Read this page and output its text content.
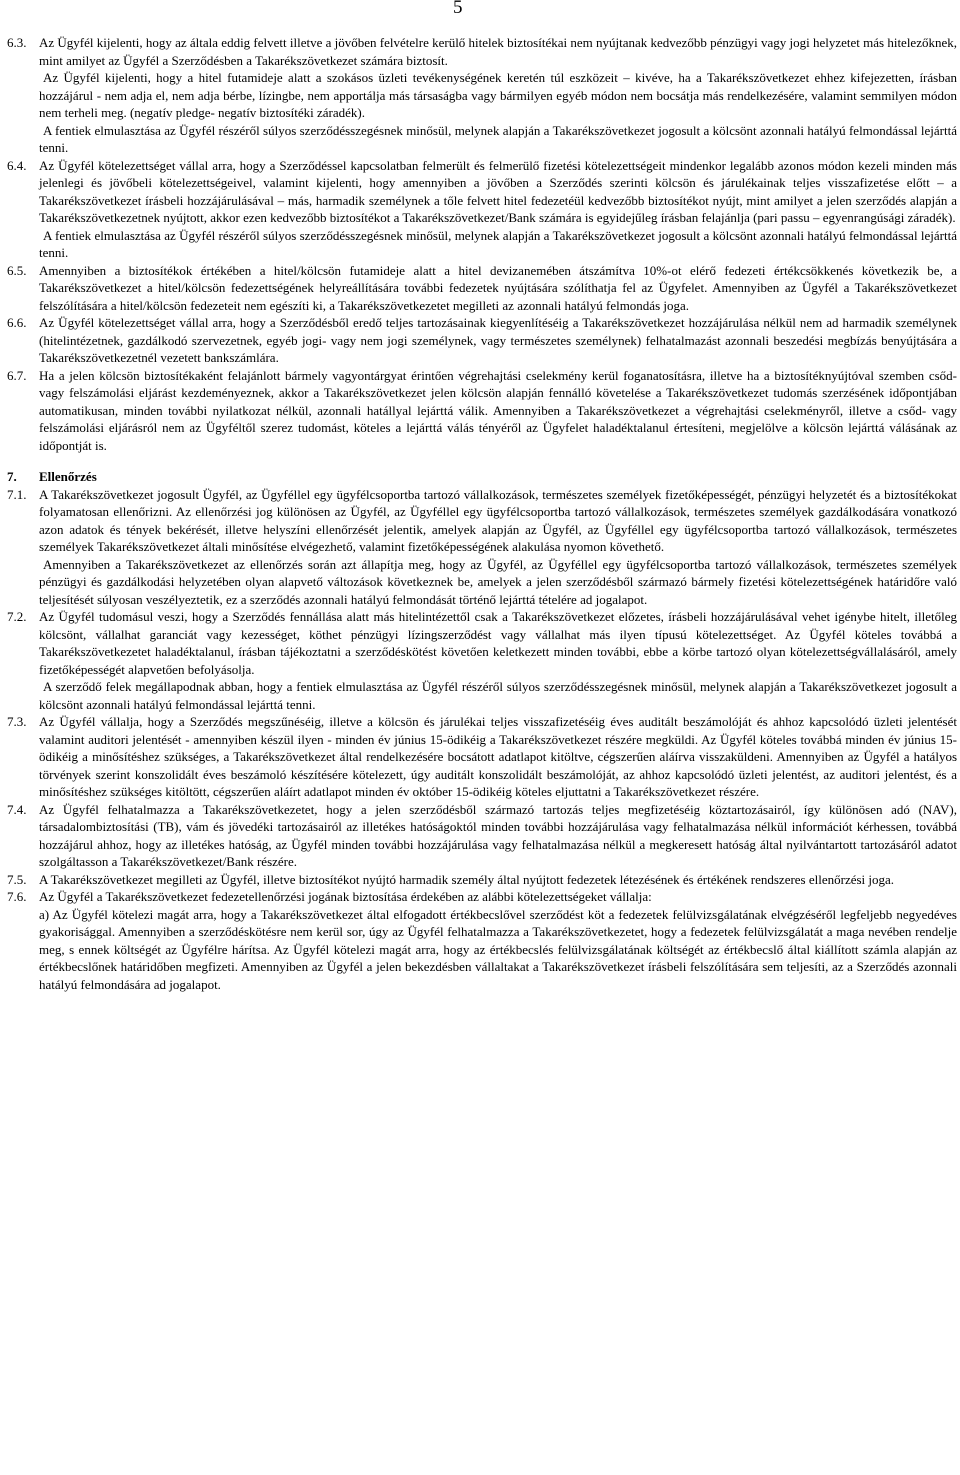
5
6.3. Az Ügyfél kijelenti, hogy az általa eddig felvett illetve a jövőben felvételre kerülő hitelek biztosítékai nem nyújtanak kedvezőbb pénzügyi vagy jogi helyzetet más hitelezőknek, mint amilyet az Ügyfél a Szerződésben a Takarékszövetkezet számára biztosít.

Az Ügyfél kijelenti, hogy a hitel futamideje alatt a szokásos üzleti tevékenységének keretén túl eszközeit – kivéve, ha a Takarékszövetkezet ehhez kifejezetten, írásban hozzájárul - nem adja el, nem adja bérbe, lízingbe, nem apportálja más társaságba vagy bármilyen egyéb módon nem bocsátja más rendelkezésére, valamint semmilyen módon nem terheli meg. (negatív pledge- negatív biztosítéki záradék).

A fentiek elmulasztása az Ügyfél részéről súlyos szerződésszegésnek minősül, melynek alapján a Takarékszövetkezet jogosult a kölcsönt azonnali hatályú felmondással lejárttá tenni.

6.4. Az Ügyfél kötelezettséget vállal arra, hogy a Szerződéssel kapcsolatban felmerült és felmerülő fizetési kötelezettségeit mindenkor legalább azonos módon kezeli minden más jelenlegi és jövőbeli kötelezettségeivel, valamint kijelenti, hogy amennyiben a jövőben a Szerződés szerinti kölcsön és járulékainak teljes visszafizetése előtt – a Takarékszövetkezet írásbeli hozzájárulásával – más, harmadik személynek a tőle felvett hitel fedezetéül kedvezőbb biztosítékot nyújt, mint amilyet a jelen szerződés alapján a Takarékszövetkezetnek nyújtott, akkor ezen kedvezőbb biztosítékot a Takarékszövetkezet/Bank számára is egyidejűleg írásban felajánlja (pari passu – egyenrangúsági záradék).

A fentiek elmulasztása az Ügyfél részéről súlyos szerződésszegésnek minősül, melynek alapján a Takarékszövetkezet jogosult a kölcsönt azonnali hatályú felmondással lejárttá tenni.

6.5. Amennyiben a biztosítékok értékében a hitel/kölcsön futamideje alatt a hitel devizanemében átszámítva 10%-ot elérő fedezeti értékcsökkenés következik be, a Takarékszövetkezet a hitel/kölcsön fedezettségének helyreállítására további fedezetek nyújtására szólíthatja fel az Ügyfelet. Amennyiben az Ügyfél a Takarékszövetkezet felszólítására a hitel/kölcsön fedezeteit nem egészíti ki, a Takarékszövetkezetet megilleti az azonnali hatályú felmondás joga.

6.6. Az Ügyfél kötelezettséget vállal arra, hogy a Szerződésből eredő teljes tartozásainak kiegyenlítéséig a Takarékszövetkezet hozzájárulása nélkül nem ad harmadik személynek (hitelintézetnek, gazdálkodó szervezetnek, egyéb jogi- vagy nem jogi személynek, vagy természetes személynek) felhatalmazást azonnali beszedési megbízás benyújtására a Takarékszövetkezetnél vezetett bankszámlára.

6.7. Ha a jelen kölcsön biztosítékaként felajánlott bármely vagyontárgyat érintően végrehajtási cselekmény kerül foganatosításra, illetve ha a biztosítéknyújtóval szemben csőd- vagy felszámolási eljárást kezdeményeznek, akkor a Takarékszövetkezet jelen kölcsön alapján fennálló követelése a Takarékszövetkezet tudomás szerzésének időpontjában automatikusan, minden további nyilatkozat nélkül, azonnali hatállyal lejárttá válik. Amennyiben a Takarékszövetkezet a végrehajtási cselekményről, illetve a csőd- vagy felszámolási eljárásról nem az Ügyféltől szerez tudomást, köteles a lejárttá válás tényéről az Ügyfelet haladéktalanul értesíteni, megjelölve a kölcsön lejárttá válásának az időpontját is.

7.	Ellenőrzés
7.1. A Takarékszövetkezet jogosult Ügyfél, az Ügyféllel egy ügyfélcsoportba tartozó vállalkozások, természetes személyek fizetőképességét, pénzügyi helyzetét és a biztosítékokat folyamatosan ellenőrizni. Az ellenőrzési jog különösen az Ügyfél, az Ügyféllel egy ügyfélcsoportba tartozó vállalkozások, természetes személyek gazdálkodására vonatkozó azon adatok és tények bekérését, illetve helyszíni ellenőrzését jelentik, amelyek alapján az Ügyfél, az Ügyféllel egy ügyfélcsoportba tartozó vállalkozások, természetes személyek Takarékszövetkezet általi minősítése elvégezhető, valamint fizetőképességének alakulása nyomon követhető.

Amennyiben a Takarékszövetkezet az ellenőrzés során azt állapítja meg, hogy az Ügyfél, az Ügyféllel egy ügyfélcsoportba tartozó vállalkozások, természetes személyek pénzügyi és gazdálkodási helyzetében olyan alapvető változások következnek be, amelyek a jelen szerződésből származó bármely fizetési kötelezettségének határidőre való teljesítését súlyosan veszélyeztetik, ez a szerződés azonnali hatályú felmondását történő lejárttá tételére ad jogalapot.

7.2. Az Ügyfél tudomásul veszi, hogy a Szerződés fennállása alatt más hitelintézettől csak a Takarékszövetkezet előzetes, írásbeli hozzájárulásával vehet igénybe hitelt, illetőleg kölcsönt, vállalhat garanciát vagy kezességet, köthet pénzügyi lízingszerződést vagy vállalhat más ilyen típusú kötelezettséget. Az Ügyfél köteles továbbá a Takarékszövetkezetet haladéktalanul, írásban tájékoztatni a szerződéskötést követően keletkezett minden további, ebbe a körbe tartozó olyan kötelezettségvállalásáról, amely fizetőképességét alapvetően befolyásolja.

A szerződő felek megállapodnak abban, hogy a fentiek elmulasztása az Ügyfél részéről súlyos szerződésszegésnek minősül, melynek alapján a Takarékszövetkezet jogosult a kölcsönt azonnali hatályú felmondással lejárttá tenni.

7.3. Az Ügyfél vállalja, hogy a Szerződés megszűnéséig, illetve a kölcsön és járulékai teljes visszafizetéséig éves auditált beszámolóját és ahhoz kapcsolódó üzleti jelentését valamint auditori jelentését - amennyiben készül ilyen - minden év június 15-ödikéig a Takarékszövetkezet részére megküldi. Az Ügyfél köteles továbbá minden év június 15-ödikéig a minősítéshez szükséges, a Takarékszövetkezet által rendelkezésére bocsátott adatlapot kitöltve, cégszerűen aláírva visszaküldeni. Amennyiben az Ügyfél a hatályos törvények szerint konszolidált éves beszámoló készítésére kötelezett, úgy auditált konszolidált beszámolóját, az ahhoz kapcsolódó üzleti jelentést, az auditori jelentést, és a minősítéshez szükséges kitöltött, cégszerűen aláírt adatlapot minden év október 15-ödikéig köteles eljuttatni a Takarékszövetkezet részére.

7.4. Az Ügyfél felhatalmazza a Takarékszövetkezetet, hogy a jelen szerződésből származó tartozás teljes megfizetéséig köztartozásairól, így különösen adó (NAV), társadalombiztosítási (TB), vám és jövedéki tartozásairól az illetékes hatóságoktól minden további hozzájárulása vagy felhatalmazása nélkül információt kérhessen, továbbá hozzájárul ahhoz, hogy az illetékes hatóság, az Ügyfél minden további hozzájárulása vagy felhatalmazása nélkül a megkeresett hatóság által nyilvántartott tartozásáról adatot szolgáltasson a Takarékszövetkezet/Bank részére.

7.5. A Takarékszövetkezet megilleti az Ügyfél, illetve biztosítékot nyújtó harmadik személy által nyújtott fedezetek létezésének és értékének rendszeres ellenőrzési joga.

7.6. Az Ügyfél a Takarékszövetkezet fedezetellenőrzési jogának biztosítása érdekében az alábbi kötelezettségeket vállalja:

a) Az Ügyfél kötelezi magát arra, hogy a Takarékszövetkezet által elfogadott értékbecslővel szerződést köt a fedezetek felülvizsgálatának elvégzéséről legfeljebb negyedéves gyakorisággal. Amennyiben a szerződéskötésre nem kerül sor, úgy az Ügyfél felhatalmazza a Takarékszövetkezetet, hogy a fedezetek felülvizsgálatát a maga nevében rendelje meg, s ennek költségét az Ügyfélre hárítsa. Az Ügyfél kötelezi magát arra, hogy az értékbecslés felülvizsgálatának költségét az értékbecslő által kiállított számla alapján az értékbecslőnek határidőben megfizeti. Amennyiben az Ügyfél a jelen bekezdésben vállaltakat a Takarékszövetkezet írásbeli felszólítására sem teljesíti, az a Szerződés azonnali hatályú felmondására ad jogalapot.
